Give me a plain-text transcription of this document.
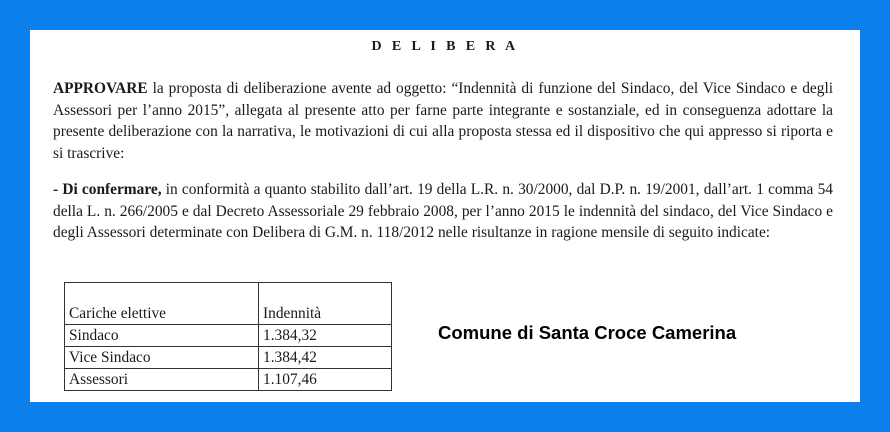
D E L I B E R A
APPROVARE la proposta di deliberazione avente ad oggetto: “Indennità di funzione del Sindaco, del Vice Sindaco e degli Assessori per l’anno 2015”, allegata al presente atto per farne parte integrante e sostanziale, ed in conseguenza adottare la presente deliberazione con la narrativa, le motivazioni di cui alla proposta stessa ed il dispositivo che qui appresso si riporta e si trascrive:
- Di confermare, in conformità a quanto stabilito dall’art. 19 della L.R. n. 30/2000, dal D.P. n. 19/2001, dall’art. 1 comma 54 della L. n. 266/2005 e dal Decreto Assessoriale 29 febbraio 2008, per l’anno 2015 le indennità del sindaco, del Vice Sindaco e degli Assessori determinate con Delibera di G.M. n. 118/2012 nelle risultanze in ragione mensile di seguito indicate:
Cariche elettive	Indennità
Sindaco	1.384,32
Vice Sindaco	1.384,42
Assessori	1.107,46
Comune di Santa Croce Camerina
